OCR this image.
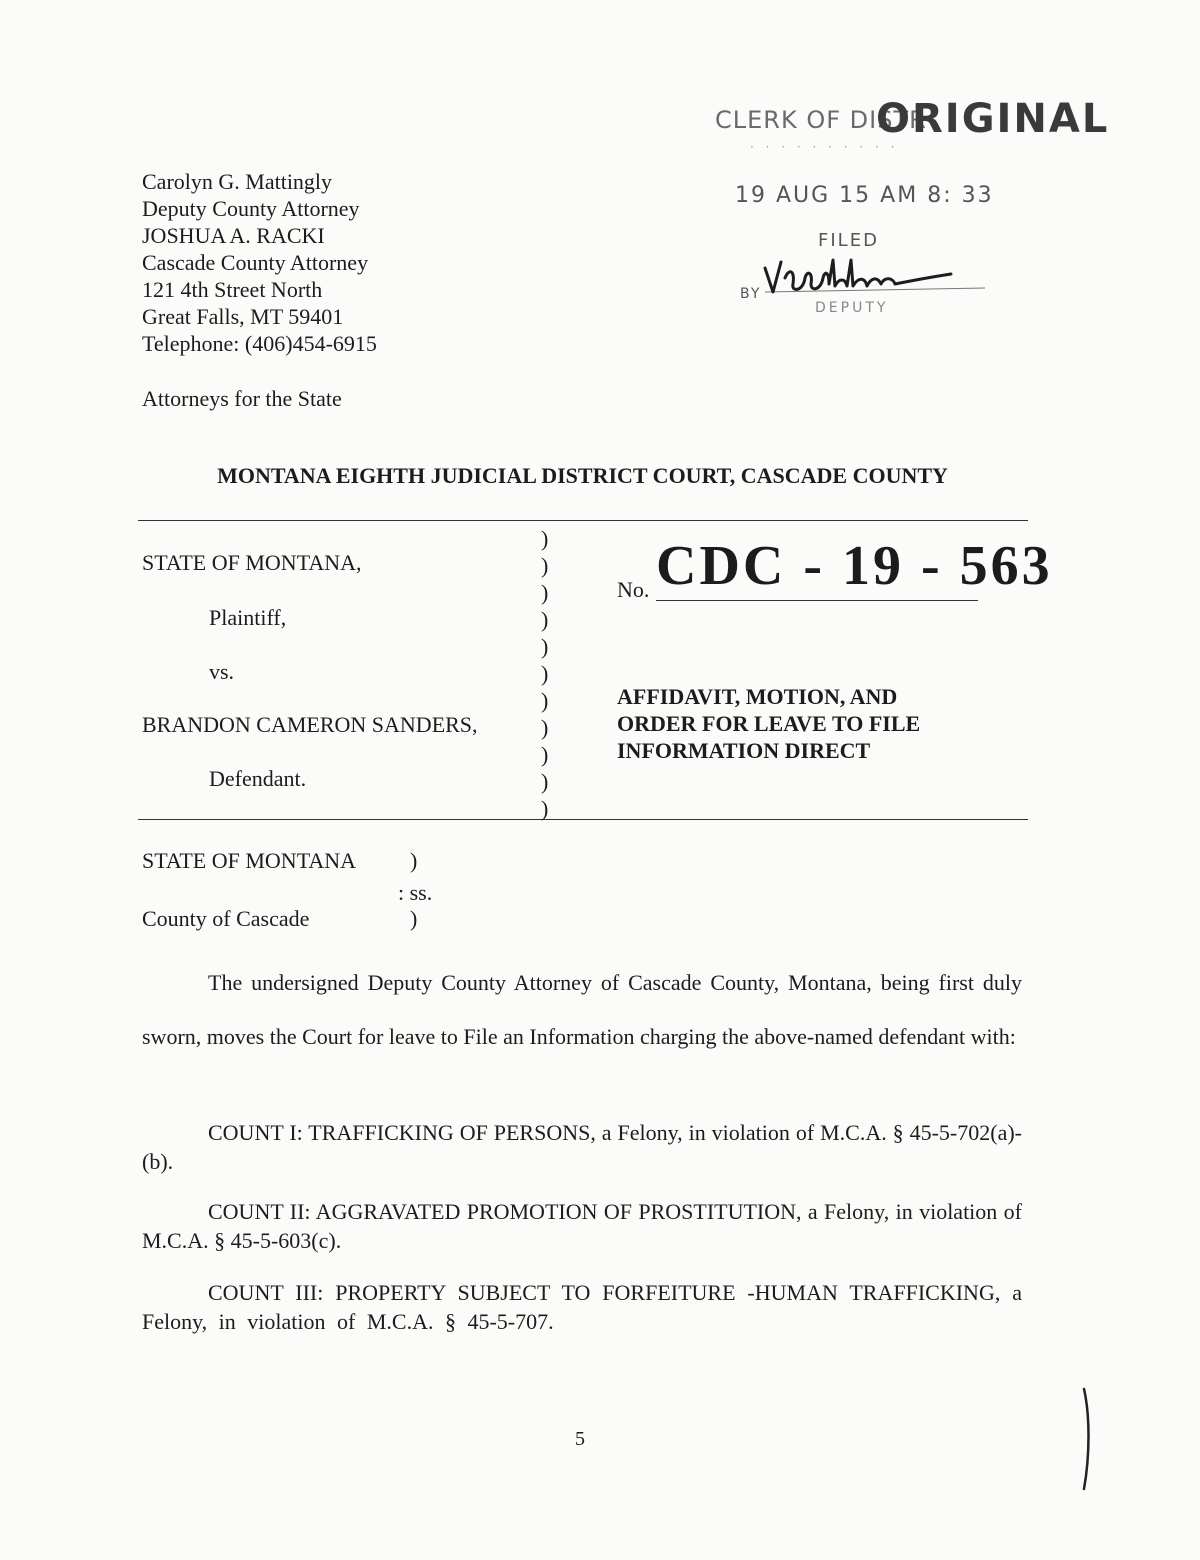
Carolyn G. Mattingly
Deputy County Attorney
JOSHUA A. RACKI
Cascade County Attorney
121 4th Street North
Great Falls, MT 59401
Telephone: (406)454-6915
Attorneys for the State
CLERK OF DISTR
ORIGINAL
· · · · · · · · · ·
19 AUG 15 AM 8: 33
FILED
BY
DEPUTY
MONTANA EIGHTH JUDICIAL DISTRICT COURT, CASCADE COUNTY
)
)
)
)
)
)
)
)
)
)
)
STATE OF MONTANA,
Plaintiff,
vs.
BRANDON CAMERON SANDERS,
Defendant.
No. CDC - 19 - 563
AFFIDAVIT, MOTION, AND
ORDER FOR LEAVE TO FILE
INFORMATION DIRECT
STATE OF MONTANA )
: ss.
County of Cascade	)
The undersigned Deputy County Attorney of Cascade County, Montana, being first duly sworn, moves the Court for leave to File an Information charging the above-named defendant with:
COUNT I: TRAFFICKING OF PERSONS, a Felony, in violation of M.C.A. § 45-5-702(a)-(b).
COUNT II: AGGRAVATED PROMOTION OF PROSTITUTION, a Felony, in violation of M.C.A. § 45-5-603(c).
COUNT III: PROPERTY SUBJECT TO FORFEITURE -HUMAN TRAFFICKING, a Felony, in violation of M.C.A. § 45-5-707.
5
